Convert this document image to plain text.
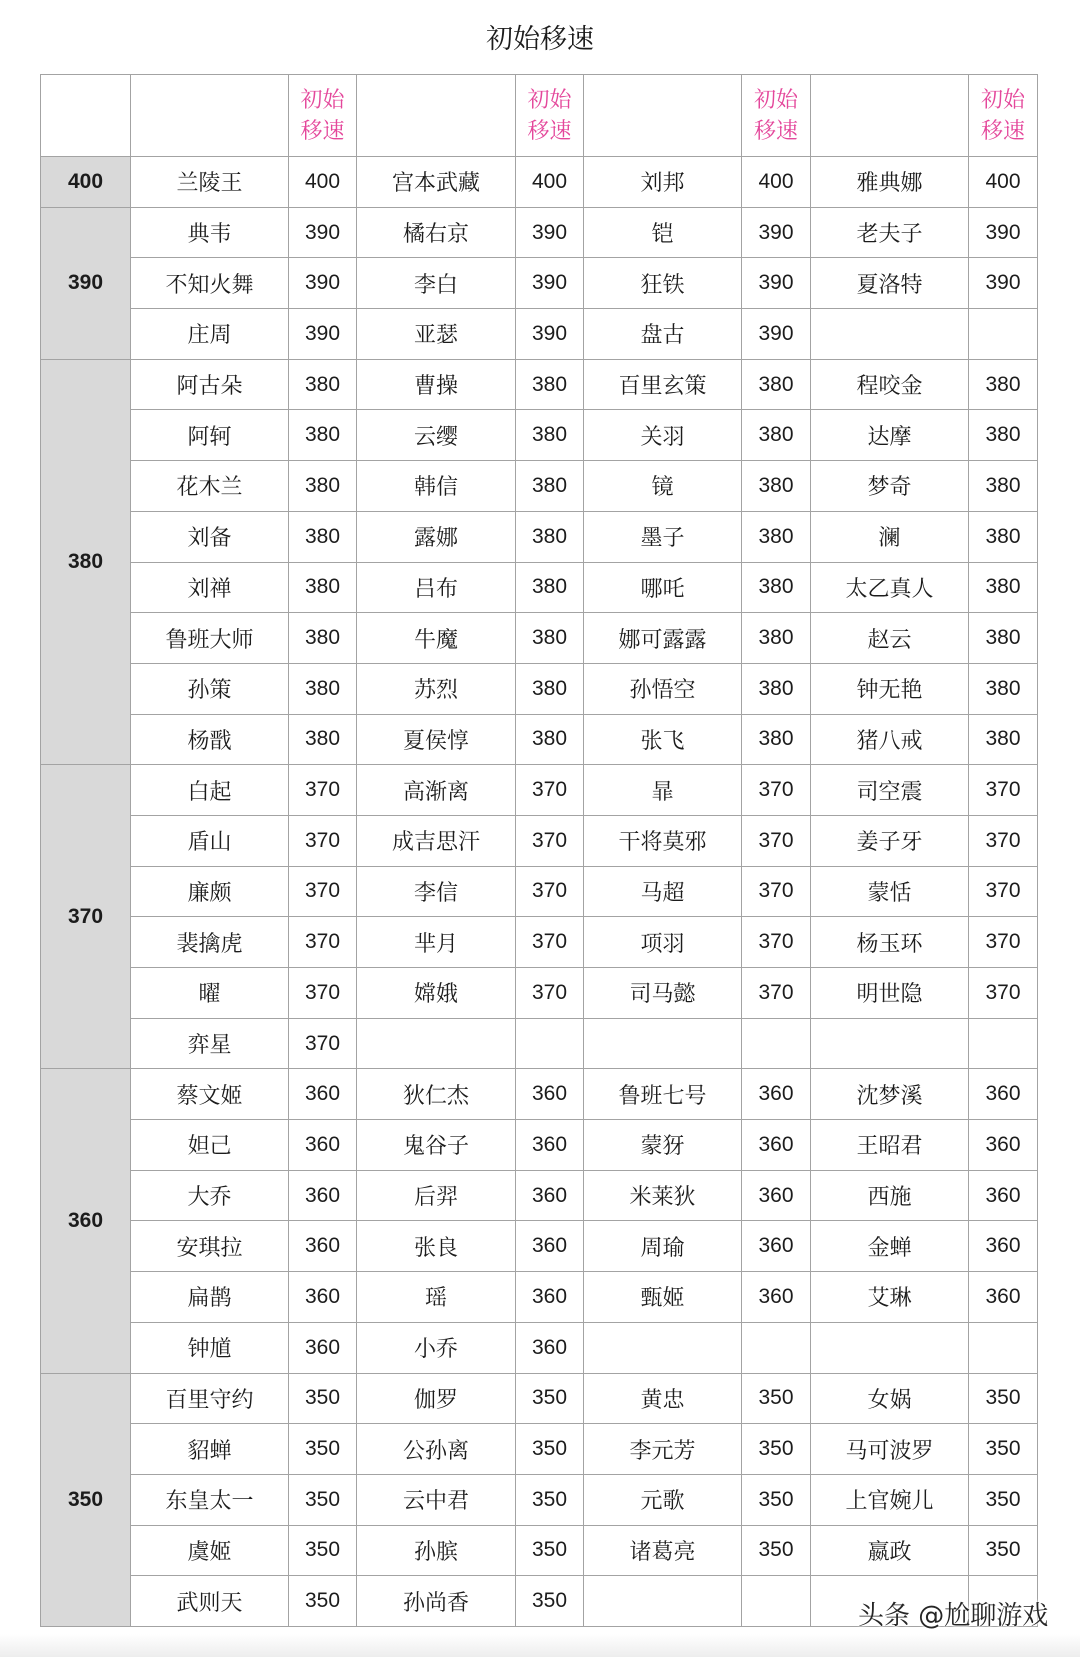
初始移速
		初始
移速		初始
移速		初始
移速		初始
移速
400	兰陵王	400	宫本武藏	400	刘邦	400	雅典娜	400
390	典韦	390	橘右京	390	铠	390	老夫子	390
	不知火舞	390	李白	390	狂铁	390	夏洛特	390
	庄周	390	亚瑟	390	盘古	390		
380	阿古朵	380	曹操	380	百里玄策	380	程咬金	380
	阿轲	380	云缨	380	关羽	380	达摩	380
	花木兰	380	韩信	380	镜	380	梦奇	380
	刘备	380	露娜	380	墨子	380	澜	380
	刘禅	380	吕布	380	哪吒	380	太乙真人	380
	鲁班大师	380	牛魔	380	娜可露露	380	赵云	380
	孙策	380	苏烈	380	孙悟空	380	钟无艳	380
	杨戬	380	夏侯惇	380	张飞	380	猪八戒	380
370	白起	370	高渐离	370	暃	370	司空震	370
	盾山	370	成吉思汗	370	干将莫邪	370	姜子牙	370
	廉颇	370	李信	370	马超	370	蒙恬	370
	裴擒虎	370	芈月	370	项羽	370	杨玉环	370
	曜	370	嫦娥	370	司马懿	370	明世隐	370
	弈星	370						
360	蔡文姬	360	狄仁杰	360	鲁班七号	360	沈梦溪	360
	妲己	360	鬼谷子	360	蒙犽	360	王昭君	360
	大乔	360	后羿	360	米莱狄	360	西施	360
	安琪拉	360	张良	360	周瑜	360	金蝉	360
	扁鹊	360	瑶	360	甄姬	360	艾琳	360
	钟馗	360	小乔	360				
350	百里守约	350	伽罗	350	黄忠	350	女娲	350
	貂蝉	350	公孙离	350	李元芳	350	马可波罗	350
	东皇太一	350	云中君	350	元歌	350	上官婉儿	350
	虞姬	350	孙膑	350	诸葛亮	350	嬴政	350
	武则天	350	孙尚香	350				
头条 @尬聊游戏
